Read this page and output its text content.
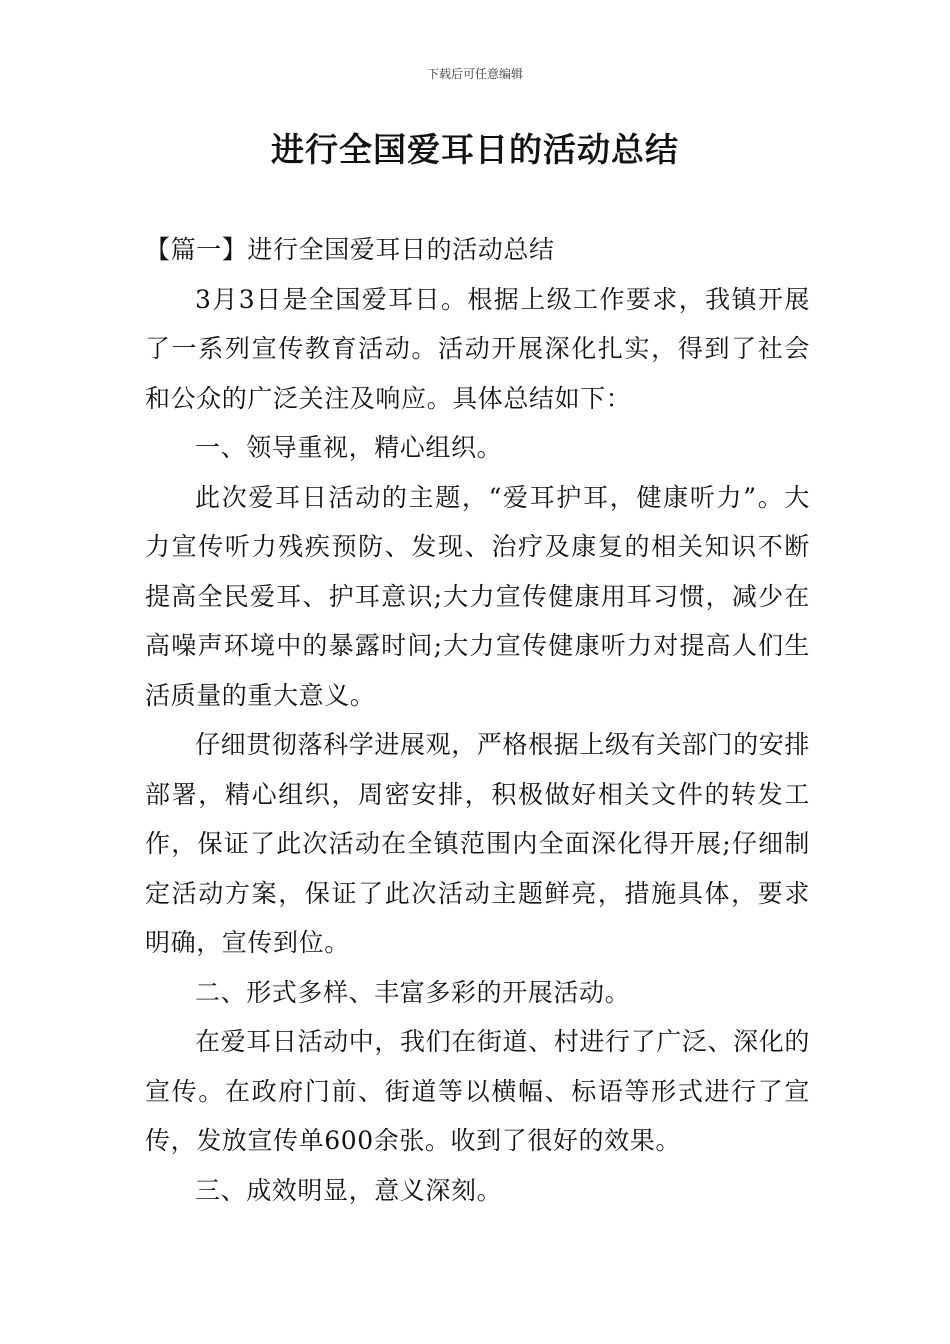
下载后可任意编辑
进行全国爱耳日的活动总结

【篇一】进行全国爱耳日的活动总结

3月3日是全国爱耳日。根据上级工作要求，我镇开展了一系列宣传教育活动。活动开展深化扎实，得到了社会和公众的广泛关注及响应。具体总结如下：

一、领导重视，精心组织。

此次爱耳日活动的主题，“爱耳护耳，健康听力”。大力宣传听力残疾预防、发现、治疗及康复的相关知识不断提高全民爱耳、护耳意识;大力宣传健康用耳习惯，减少在高噪声环境中的暴露时间;大力宣传健康听力对提高人们生活质量的重大意义。

仔细贯彻落科学进展观，严格根据上级有关部门的安排部署，精心组织，周密安排，积极做好相关文件的转发工作，保证了此次活动在全镇范围内全面深化得开展;仔细制定活动方案，保证了此次活动主题鲜亮，措施具体，要求明确，宣传到位。

二、形式多样、丰富多彩的开展活动。

在爱耳日活动中，我们在街道、村进行了广泛、深化的宣传。在政府门前、街道等以横幅、标语等形式进行了宣传，发放宣传单600余张。收到了很好的效果。

三、成效明显，意义深刻。
